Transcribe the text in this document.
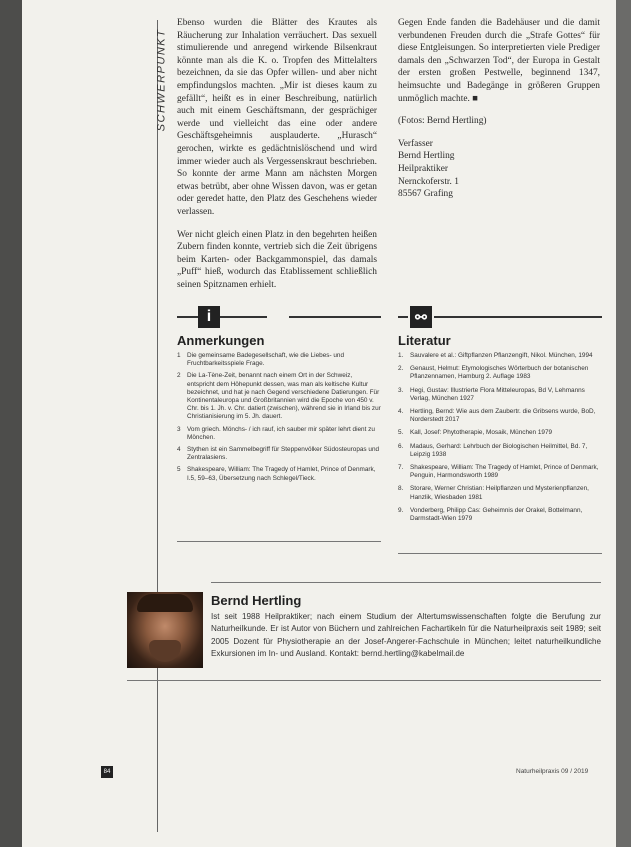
SCHWERPUNKT

Ebenso wurden die Blätter des Krautes als Räucherung zur Inhalation verräuchert. Das sexuell stimulierende und anregend wirkende Bilsenkraut könnte man als die K. o. Tropfen des Mittelalters bezeichnen, da sie das Opfer willen- und aber nicht empfindungslos machten. „Mir ist dieses kaum zu gefällt“, heißt es in einer Beschreibung, natürlich auch mit einem Geschäftsmann, der gesprächiger werde und vielleicht das eine oder andere Geschäftsgeheimnis ausplauderte. „Hurasch“ gerochen, wirkte es gedächtnislöschend und wird immer wieder auch als Vergessenskraut beschrieben. So konnte der arme Mann am nächsten Morgen etwas betrübt, aber ohne Wissen davon, was er getan oder geredet hatte, den Platz des Geschehens wieder verlassen.

Wer nicht gleich einen Platz in den begehrten heißen Zubern finden konnte, vertrieb sich die Zeit übrigens beim Karten- oder Backgammonspiel, das damals „Puff“ hieß, wodurch das Etablissement schließlich seinen Spitznamen erhielt.

Gegen Ende fanden die Badehäuser und die damit verbundenen Freuden durch die „Strafe Gottes“ für diese Entgleisungen. So interpretierten viele Prediger damals den „Schwarzen Tod“, der Europa in Gestalt der ersten großen Pestwelle, beginnend 1347, heimsuchte und Badegänge in größeren Gruppen unmöglich machte. ■

(Fotos: Bernd Hertling)

Verfasser
Bernd Hertling
Heilpraktiker
Nernckoferstr. 1
85567 Grafing
i
Anmerkungen
1 Die gemeinsame Badegesellschaft, wie die Liebes- und Fruchtbarkeitsspiele Frage.
2 Die La-Tène-Zeit, benannt nach einem Ort in der Schweiz, entspricht dem Höhepunkt dessen, was man als keltische Kultur bezeichnet, und hat je nach Gegend verschiedene Datierungen. Für Kontinentaleuropa und Großbritannien wird die Epoche von 450 v. Chr. bis 1. Jh. v. Chr. datiert (zwischen), während sie in Irland bis zur Christianisierung im 5. Jh. dauert.
3 Vom griech. Mönchs- / ich rauf, ich sauber mir später lehrt dient zu Mönchen.
4 Stythen ist ein Sammelbegriff für Steppenvölker Südosteuropas und Zentralasiens.
5 Shakespeare, William: The Tragedy of Hamlet, Prince of Denmark, I.5, 59–63, Übersetzung nach Schlegel/Tieck.
⚯
Literatur
1. Sauvalere et al.: Giftpflanzen Pflanzengift, Nikol. München, 1994
2. Genaust, Helmut: Etymologisches Wörterbuch der botanischen Pflanzennamen, Hamburg 2. Auflage 1983
3. Hegi, Gustav: Illustrierte Flora Mitteleuropas, Bd V, Lehmanns Verlag, München 1927
4. Hertling, Bernd: Wie aus dem Zaubertr. die Gribsens wurde, BoD, Norderstedt 2017
5. Kall, Josef: Phytotherapie, Mosaik, München 1979
6. Madaus, Gerhard: Lehrbuch der Biologischen Heilmittel, Bd. 7, Leipzig 1938
7. Shakespeare, William: The Tragedy of Hamlet, Prince of Denmark, Penguin, Harmondsworth 1989
8. Storare, Werner Christian: Heilpflanzen und Mysterienpflanzen, Hanzlik, Wiesbaden 1981
9. Vonderberg, Philipp Cas: Geheimnis der Orakel, Bottelmann, Darmstadt-Wien 1979
Bernd Hertling
Ist seit 1988 Heilpraktiker; nach einem Studium der Altertumswissenschaften folgte die Berufung zur Naturheilkunde. Er ist Autor von Büchern und zahlreichen Fachartikeln für die Naturheilpraxis seit 1989; seit 2005 Dozent für Physiotherapie an der Josef-Angerer-Fachschule in München; leitet naturheilkundliche Exkursionen im In- und Ausland. Kontakt: bernd.hertling@kabelmail.de
84	Naturheilpraxis 09 / 2019
